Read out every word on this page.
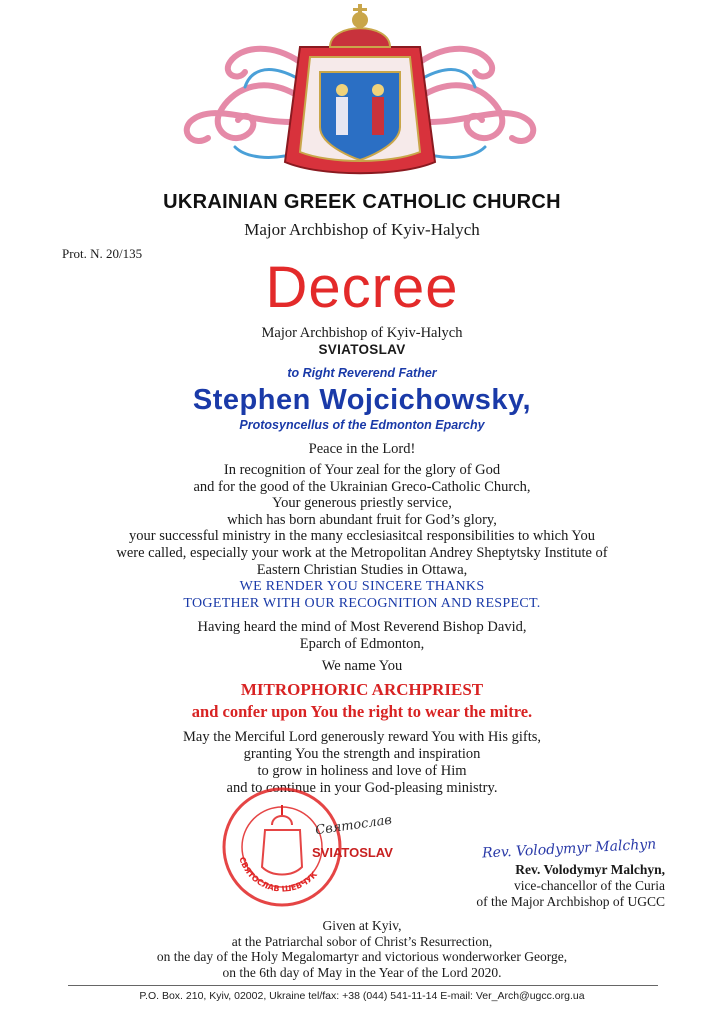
UKRAINIAN GREEK CATHOLIC CHURCH
Major Archbishop of Kyiv-Halych
Prot. N. 20/135
Decree
Major Archbishop of Kyiv-Halych
SVIATOSLAV
to Right Reverend Father
Stephen Wojcichowsky,
Protosyncellus of the Edmonton Eparchy
Peace in the Lord!
In recognition of Your zeal for the glory of God
and for the good of the Ukrainian Greco-Catholic Church,
Your generous priestly service,
which has born abundant fruit for God’s glory,
your successful ministry in the many ecclesiasitcal responsibilities to which You
were called, especially your work at the Metropolitan Andrey Sheptytsky Institute of
Eastern Christian Studies in Ottawa,
WE RENDER YOU SINCERE THANKS
TOGETHER WITH OUR RECOGNITION AND RESPECT.
Having heard the mind of Most Reverend Bishop David,
Eparch of Edmonton,
We name You
MITROPHORIC ARCHPRIEST
and confer upon You the right to wear the mitre.
May the Merciful Lord generously reward You with His gifts,
granting You the strength and inspiration
to grow in holiness and love of Him
and to continue in your God-pleasing ministry.
СВЯТОСЛАВ ШЕВЧУК
Святослав
SVIATOSLAV	Rev. Volodymyr Malchyn
Rev. Volodymyr Malchyn,
vice-chancellor of the Curia
of the Major Archbishop of UGCC
Given at Kyiv,
at the Patriarchal sobor of Christ’s Resurrection,
on the day of the Holy Megalomartyr and victorious wonderworker George,
on the 6th day of May in the Year of the Lord 2020.
P.O. Box. 210, Kyiv, 02002, Ukraine tel/fax: +38 (044) 541-11-14 E-mail: Ver_Arch@ugcc.org.ua
